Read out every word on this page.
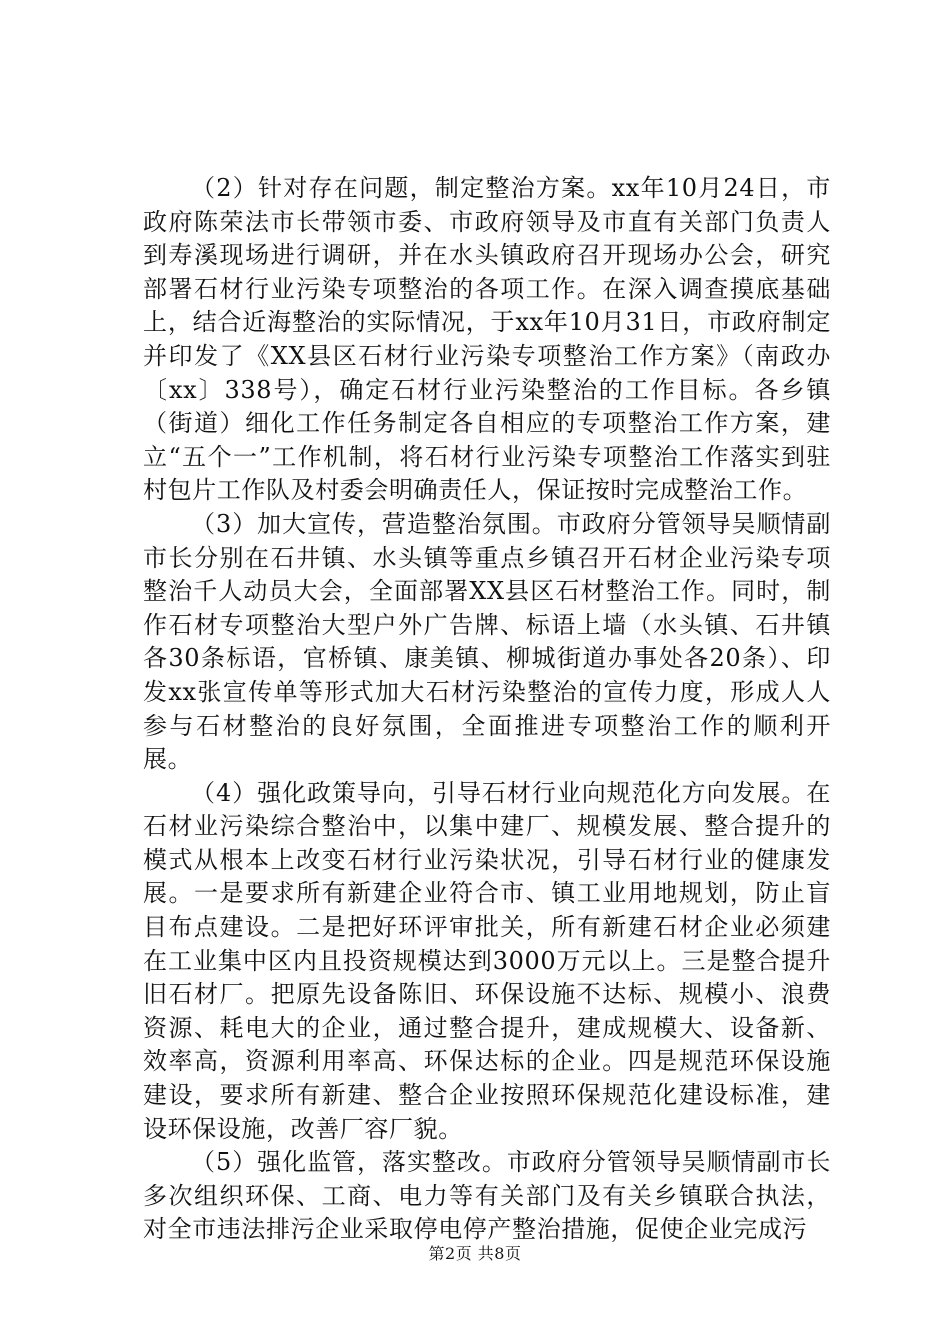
（2）针对存在问题，制定整治方案。xx年10月24日，市政府陈荣法市长带领市委、市政府领导及市直有关部门负责人到寿溪现场进行调研，并在水头镇政府召开现场办公会，研究部署石材行业污染专项整治的各项工作。在深入调查摸底基础上，结合近海整治的实际情况，于xx年10月31日，市政府制定并印发了《XX县区石材行业污染专项整治工作方案》（南政办〔xx〕338号），确定石材行业污染整治的工作目标。各乡镇（街道）细化工作任务制定各自相应的专项整治工作方案，建立“五个一”工作机制，将石材行业污染专项整治工作落实到驻村包片工作队及村委会明确责任人，保证按时完成整治工作。

（3）加大宣传，营造整治氛围。市政府分管领导吴顺情副市长分别在石井镇、水头镇等重点乡镇召开石材企业污染专项整治千人动员大会，全面部署XX县区石材整治工作。同时，制作石材专项整治大型户外广告牌、标语上墙（水头镇、石井镇各30条标语，官桥镇、康美镇、柳城街道办事处各20条）、印发xx张宣传单等形式加大石材污染整治的宣传力度，形成人人参与石材整治的良好氛围，全面推进专项整治工作的顺利开展。

（4）强化政策导向，引导石材行业向规范化方向发展。在石材业污染综合整治中，以集中建厂、规模发展、整合提升的模式从根本上改变石材行业污染状况，引导石材行业的健康发展。一是要求所有新建企业符合市、镇工业用地规划，防止盲目布点建设。二是把好环评审批关，所有新建石材企业必须建在工业集中区内且投资规模达到3000万元以上。三是整合提升旧石材厂。把原先设备陈旧、环保设施不达标、规模小、浪费资源、耗电大的企业，通过整合提升，建成规模大、设备新、效率高，资源利用率高、环保达标的企业。四是规范环保设施建设，要求所有新建、整合企业按照环保规范化建设标准，建设环保设施，改善厂容厂貌。

（5）强化监管，落实整改。市政府分管领导吴顺情副市长多次组织环保、工商、电力等有关部门及有关乡镇联合执法，对全市违法排污企业采取停电停产整治措施，促使企业完成污

第2页 共8页
